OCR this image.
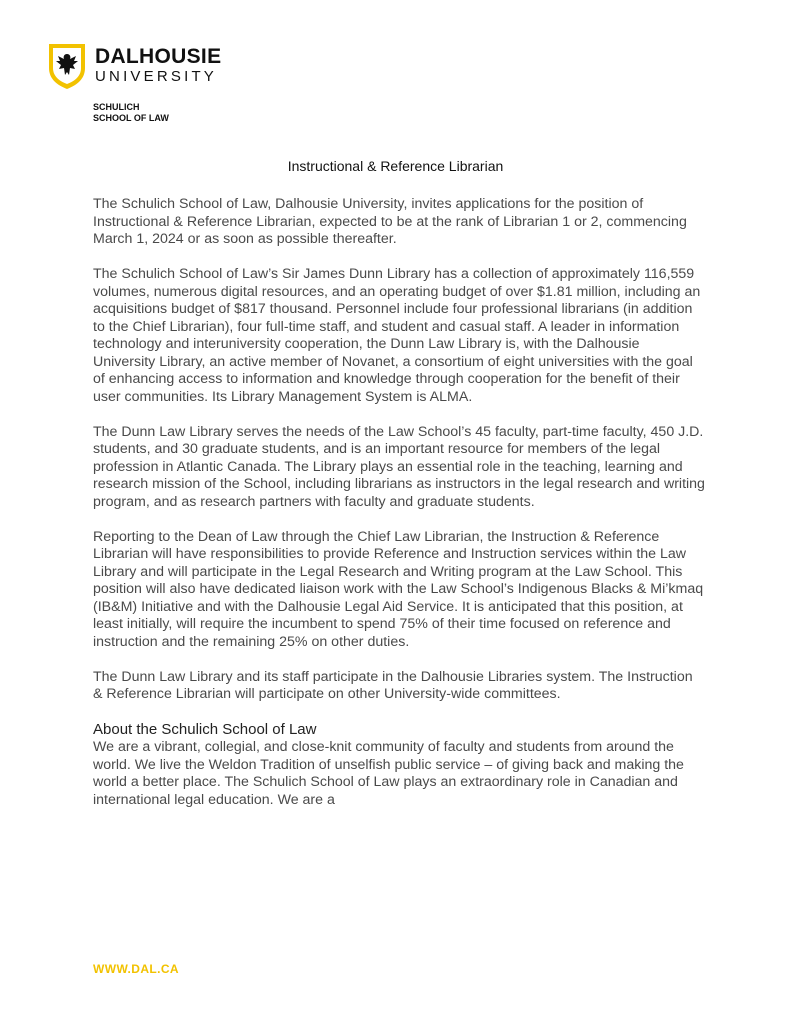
DALHOUSIE
UNIVERSITY
SCHULICH
SCHOOL OF LAW
Instructional & Reference Librarian

The Schulich School of Law, Dalhousie University, invites applications for the position of Instructional & Reference Librarian, expected to be at the rank of Librarian 1 or 2, commencing March 1, 2024 or as soon as possible thereafter.

The Schulich School of Law’s Sir James Dunn Library has a collection of approximately 116,559 volumes, numerous digital resources, and an operating budget of over $1.81 million, including an acquisitions budget of $817 thousand. Personnel include four professional librarians (in addition to the Chief Librarian), four full-time staff, and student and casual staff. A leader in information technology and interuniversity cooperation, the Dunn Law Library is, with the Dalhousie University Library, an active member of Novanet, a consortium of eight universities with the goal of enhancing access to information and knowledge through cooperation for the benefit of their user communities. Its Library Management System is ALMA.

The Dunn Law Library serves the needs of the Law School’s 45 faculty, part-time faculty, 450 J.D. students, and 30 graduate students, and is an important resource for members of the legal profession in Atlantic Canada. The Library plays an essential role in the teaching, learning and research mission of the School, including librarians as instructors in the legal research and writing program, and as research partners with faculty and graduate students.

Reporting to the Dean of Law through the Chief Law Librarian, the Instruction & Reference Librarian will have responsibilities to provide Reference and Instruction services within the Law Library and will participate in the Legal Research and Writing program at the Law School. This position will also have dedicated liaison work with the Law School’s Indigenous Blacks & Mi’kmaq (IB&M) Initiative and with the Dalhousie Legal Aid Service. It is anticipated that this position, at least initially, will require the incumbent to spend 75% of their time focused on reference and instruction and the remaining 25% on other duties.

The Dunn Law Library and its staff participate in the Dalhousie Libraries system. The Instruction & Reference Librarian will participate on other University-wide committees.

About the Schulich School of Law

We are a vibrant, collegial, and close-knit community of faculty and students from around the world. We live the Weldon Tradition of unselfish public service – of giving back and making the world a better place. The Schulich School of Law plays an extraordinary role in Canadian and international legal education. We are a

WWW.DAL.CA
